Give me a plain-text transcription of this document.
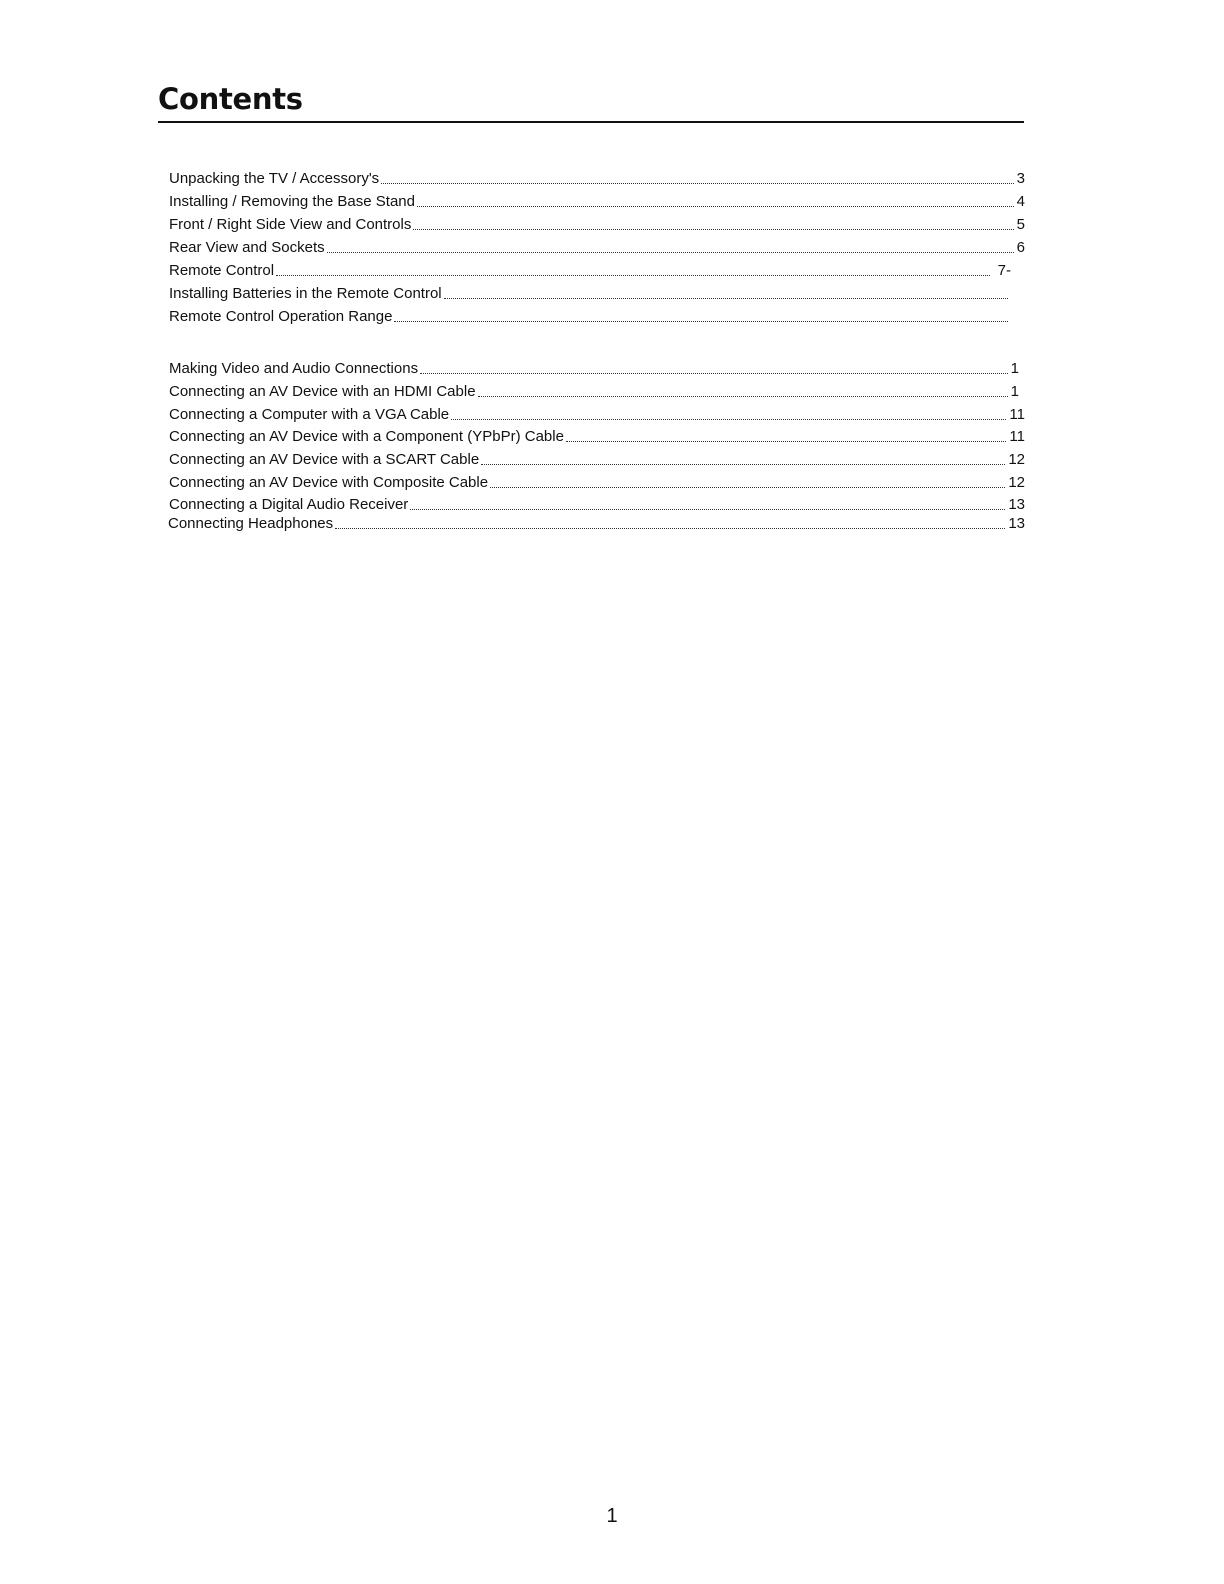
Contents
Unpacking the TV / Accessory's	3
Installing / Removing the Base Stand	4
Front / Right Side View and Controls	5
Rear View and Sockets	6
Remote Control	7-
Installing Batteries in the Remote Control
Remote Control Operation Range
Making Video and Audio Connections	1
Connecting an AV Device with an HDMI Cable	1
Connecting a Computer with a VGA Cable	11
Connecting an AV Device with a Component (YPbPr) Cable	11
Connecting an AV Device with a SCART Cable	12
Connecting an AV Device with Composite Cable	12
Connecting a Digital Audio Receiver	13
Connecting Headphones	13
1
